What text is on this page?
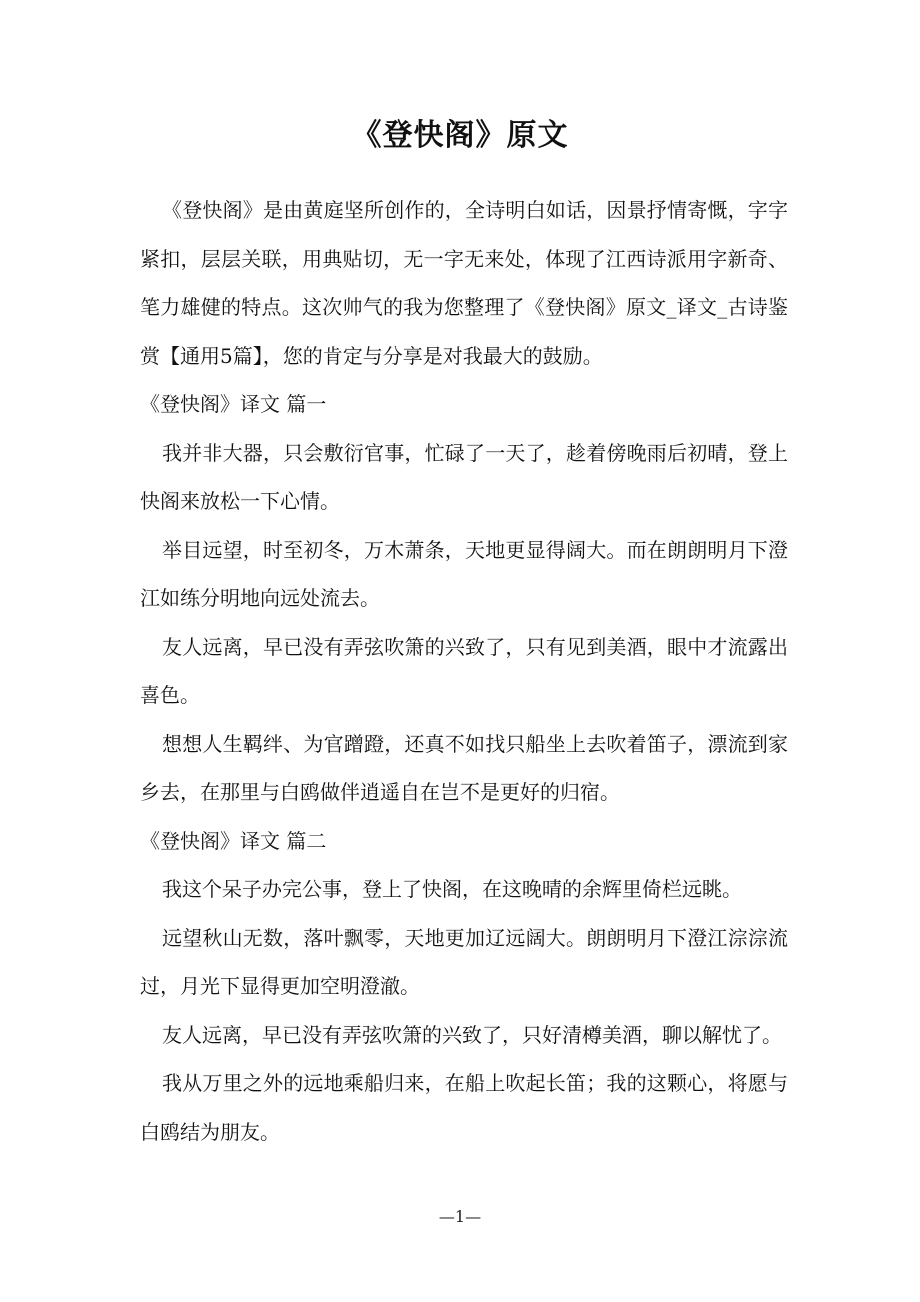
《登快阁》原文

《登快阁》是由黄庭坚所创作的，全诗明白如话，因景抒情寄慨，字字紧扣，层层关联，用典贴切，无一字无来处，体现了江西诗派用字新奇、笔力雄健的特点。这次帅气的我为您整理了《登快阁》原文_译文_古诗鉴赏【通用5篇】，您的肯定与分享是对我最大的鼓励。

《登快阁》译文 篇一

我并非大器，只会敷衍官事，忙碌了一天了，趁着傍晚雨后初晴，登上快阁来放松一下心情。

举目远望，时至初冬，万木萧条，天地更显得阔大。而在朗朗明月下澄江如练分明地向远处流去。

友人远离，早已没有弄弦吹箫的兴致了，只有见到美酒，眼中才流露出喜色。

想想人生羁绊、为官蹭蹬，还真不如找只船坐上去吹着笛子，漂流到家乡去，在那里与白鸥做伴逍遥自在岂不是更好的归宿。

《登快阁》译文 篇二

我这个呆子办完公事，登上了快阁，在这晚晴的余辉里倚栏远眺。

远望秋山无数，落叶飘零，天地更加辽远阔大。朗朗明月下澄江淙淙流过，月光下显得更加空明澄澈。

友人远离，早已没有弄弦吹箫的兴致了，只好清樽美酒，聊以解忧了。

我从万里之外的远地乘船归来，在船上吹起长笛；我的这颗心，将愿与白鸥结为朋友。

—1—
